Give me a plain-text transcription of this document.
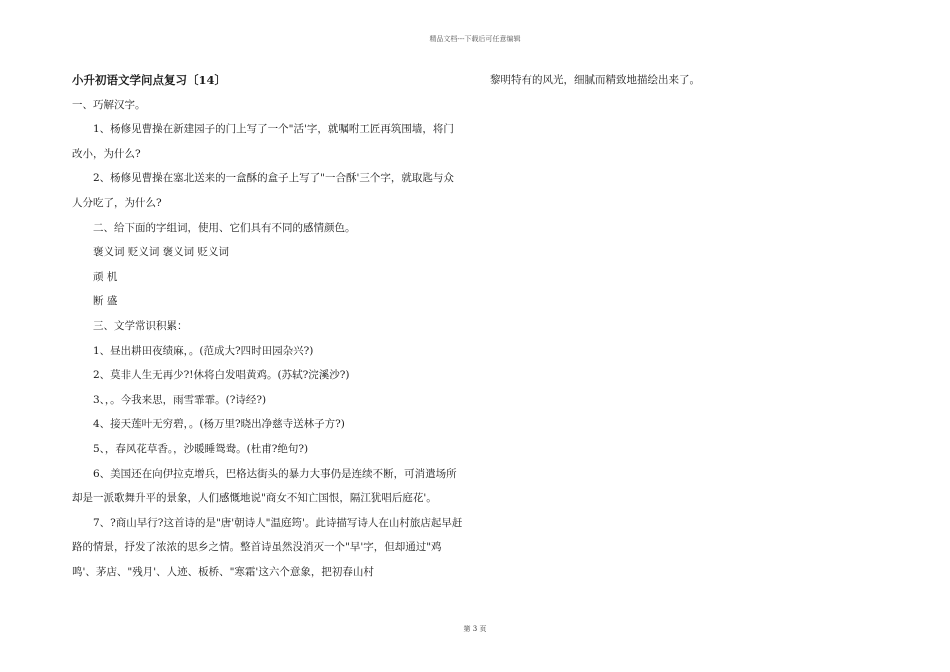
精品文档---下载后可任意编辑

小升初语文学问点复习〔14〕

一、巧解汉字。

1、杨修见曹操在新建园子的门上写了一个"活'字，就嘱咐工匠再筑围墙，将门改小，为什么?

2、杨修见曹操在塞北送来的一盒酥的盒子上写了"一合酥'三个字，就取匙与众人分吃了，为什么?

二、给下面的字组词，使用、它们具有不同的感情颜色。

褒义词 贬义词 褒义词 贬义词

顽 机

断 盛

三、文学常识积累：

1、昼出耕田夜绩麻，。(范成大?四时田园杂兴?)

2、莫非人生无再少?!休将白发唱黄鸡。(苏轼?浣溪沙?)

3、，。今我来思，雨雪霏霏。(?诗经?)

4、接天莲叶无穷碧，。(杨万里?晓出净慈寺送林子方?)

5、，春风花草香。，沙暖睡鸳鸯。(杜甫?绝句?)

6、美国还在向伊拉克增兵，巴格达街头的暴力大事仍是连续不断，可消遣场所却是一派歌舞升平的景象，人们感慨地说"商女不知亡国恨，隔江犹唱后庭花'。

7、?商山早行?这首诗的是"唐'朝诗人"温庭筠'。此诗描写诗人在山村旅店起早赶路的情景，抒发了浓浓的思乡之情。整首诗虽然没消灭一个"早'字，但却通过"鸡鸣'、茅店、"残月'、人迹、板桥、"寒霜'这六个意象，把初春山村

黎明特有的风光，细腻而精致地描绘出来了。

第 3 页
